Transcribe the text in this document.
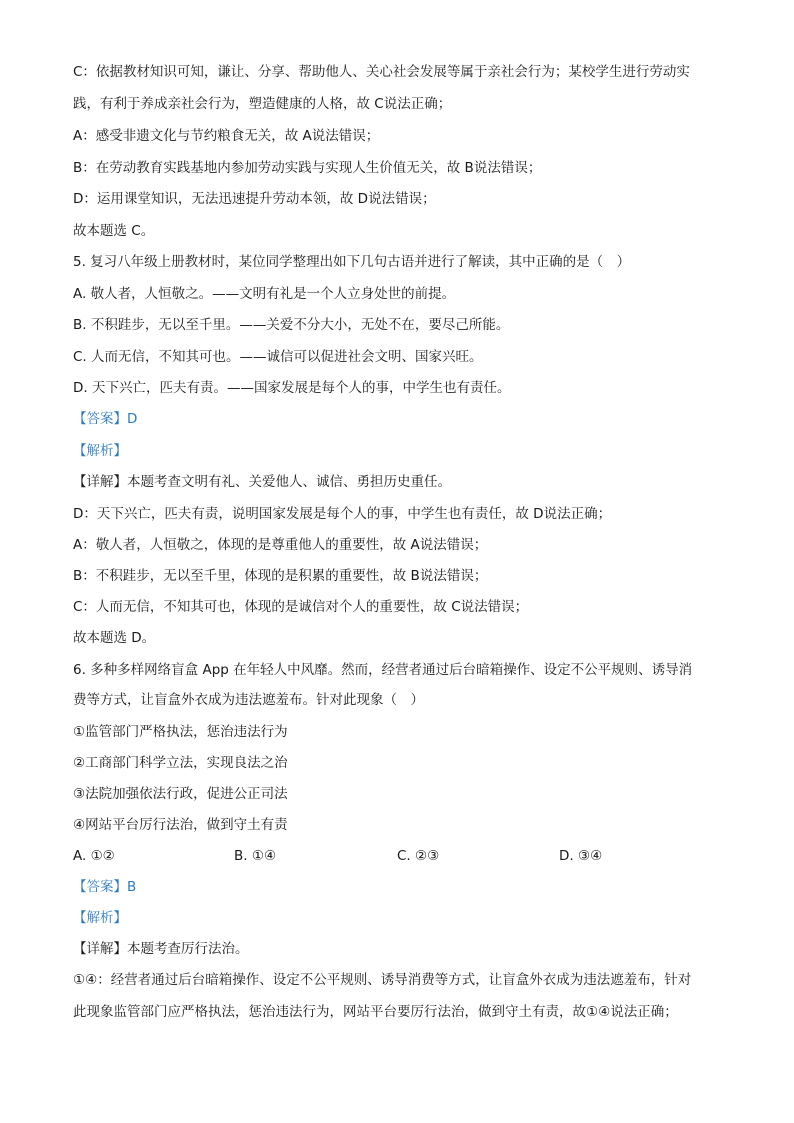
C：依据教材知识可知，谦让、分享、帮助他人、关心社会发展等属于亲社会行为；某校学生进行劳动实
践，有利于养成亲社会行为，塑造健康的人格，故 C说法正确；
A：感受非遗文化与节约粮食无关，故 A说法错误；
B：在劳动教育实践基地内参加劳动实践与实现人生价值无关，故 B说法错误；
D：运用课堂知识，无法迅速提升劳动本领，故 D说法错误；
故本题选 C。
5. 复习八年级上册教材时，某位同学整理出如下几句古语并进行了解读，其中正确的是（　）
A. 敬人者，人恒敬之。——文明有礼是一个人立身处世的前提。
B. 不积跬步，无以至千里。——关爱不分大小，无处不在，要尽己所能。
C. 人而无信，不知其可也。——诚信可以促进社会文明、国家兴旺。
D. 天下兴亡，匹夫有责。——国家发展是每个人的事，中学生也有责任。
【答案】D
【解析】
【详解】本题考查文明有礼、关爱他人、诚信、勇担历史重任。
D：天下兴亡，匹夫有责，说明国家发展是每个人的事，中学生也有责任，故 D说法正确；
A：敬人者，人恒敬之，体现的是尊重他人的重要性，故 A说法错误；
B：不积跬步，无以至千里，体现的是积累的重要性，故 B说法错误；
C：人而无信，不知其可也，体现的是诚信对个人的重要性，故 C说法错误；
故本题选 D。
6. 多种多样网络盲盒 App 在年轻人中风靡。然而，经营者通过后台暗箱操作、设定不公平规则、诱导消
费等方式，让盲盒外衣成为违法遮羞布。针对此现象（　）
①监管部门严格执法，惩治违法行为
②工商部门科学立法，实现良法之治
③法院加强依法行政，促进公正司法
④网站平台厉行法治，做到守土有责
A. ①②	B. ①④	C. ②③	D. ③④
【答案】B
【解析】
【详解】本题考查厉行法治。
①④：经营者通过后台暗箱操作、设定不公平规则、诱导消费等方式，让盲盒外衣成为违法遮羞布，针对
此现象监管部门应严格执法，惩治违法行为，网站平台要厉行法治，做到守土有责，故①④说法正确；
